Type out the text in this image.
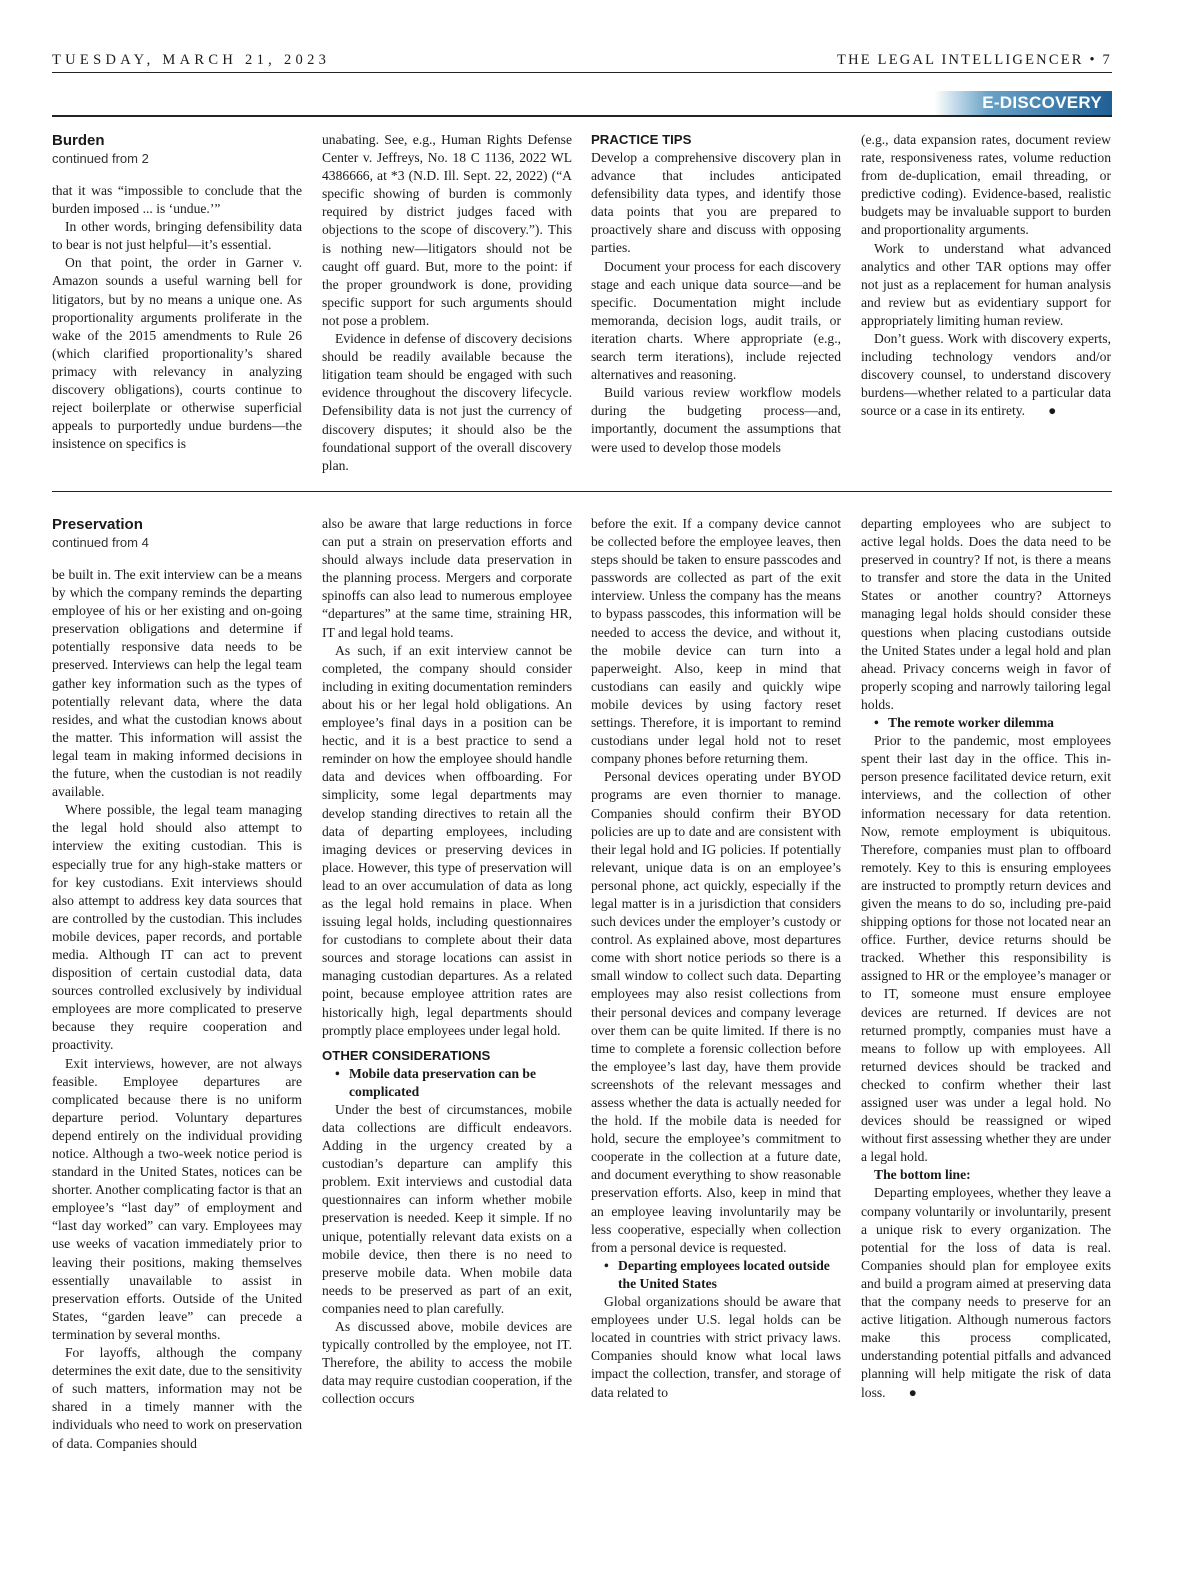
TUESDAY, MARCH 21, 2023	THE LEGAL INTELLIGENCER • 7
E-DISCOVERY
Burden
continued from 2

that it was “impossible to conclude that the burden imposed ... is ‘undue.’”

In other words, bringing defensibility data to bear is not just helpful—it’s essential.

On that point, the order in Garner v. Amazon sounds a useful warning bell for litigators, but by no means a unique one. As proportionality arguments proliferate in the wake of the 2015 amendments to Rule 26 (which clarified proportionality’s shared primacy with relevancy in analyzing discovery obligations), courts continue to reject boilerplate or otherwise superficial appeals to purportedly undue burdens—the insistence on specifics is

unabating. See, e.g., Human Rights Defense Center v. Jeffreys, No. 18 C 1136, 2022 WL 4386666, at *3 (N.D. Ill. Sept. 22, 2022) (“A specific showing of burden is commonly required by district judges faced with objections to the scope of discovery.”). This is nothing new—litigators should not be caught off guard. But, more to the point: if the proper groundwork is done, providing specific support for such arguments should not pose a problem.

Evidence in defense of discovery decisions should be readily available because the litigation team should be engaged with such evidence throughout the discovery lifecycle. Defensibility data is not just the currency of discovery disputes; it should also be the foundational support of the overall discovery plan.

PRACTICE TIPS

Develop a comprehensive discovery plan in advance that includes anticipated defensibility data types, and identify those data points that you are prepared to proactively share and discuss with opposing parties.

Document your process for each discovery stage and each unique data source—and be specific. Documentation might include memoranda, decision logs, audit trails, or iteration charts. Where appropriate (e.g., search term iterations), include rejected alternatives and reasoning.

Build various review workflow models during the budgeting process—and, importantly, document the assumptions that were used to develop those models

(e.g., data expansion rates, document review rate, responsiveness rates, volume reduction from de-duplication, email threading, or predictive coding). Evidence-based, realistic budgets may be invaluable support to burden and proportionality arguments.

Work to understand what advanced analytics and other TAR options may offer not just as a replacement for human analysis and review but as evidentiary support for appropriately limiting human review.

Don’t guess. Work with discovery experts, including technology vendors and/or discovery counsel, to understand discovery burdens—whether related to a particular data source or a case in its entirety. ●

Preservation
continued from 4

be built in. The exit interview can be a means by which the company reminds the departing employee of his or her existing and on-going preservation obligations and determine if potentially responsive data needs to be preserved. Interviews can help the legal team gather key information such as the types of potentially relevant data, where the data resides, and what the custodian knows about the matter. This information will assist the legal team in making informed decisions in the future, when the custodian is not readily available.

Where possible, the legal team managing the legal hold should also attempt to interview the exiting custodian. This is especially true for any high-stake matters or for key custodians. Exit interviews should also attempt to address key data sources that are controlled by the custodian. This includes mobile devices, paper records, and portable media. Although IT can act to prevent disposition of certain custodial data, data sources controlled exclusively by individual employees are more complicated to preserve because they require cooperation and proactivity.

Exit interviews, however, are not always feasible. Employee departures are complicated because there is no uniform departure period. Voluntary departures depend entirely on the individual providing notice. Although a two-week notice period is standard in the United States, notices can be shorter. Another complicating factor is that an employee’s “last day” of employment and “last day worked” can vary. Employees may use weeks of vacation immediately prior to leaving their positions, making themselves essentially unavailable to assist in preservation efforts. Outside of the United States, “garden leave” can precede a termination by several months.

For layoffs, although the company determines the exit date, due to the sensitivity of such matters, information may not be shared in a timely manner with the individuals who need to work on preservation of data. Companies should

also be aware that large reductions in force can put a strain on preservation efforts and should always include data preservation in the planning process. Mergers and corporate spinoffs can also lead to numerous employee “departures” at the same time, straining HR, IT and legal hold teams.

As such, if an exit interview cannot be completed, the company should consider including in exiting documentation reminders about his or her legal hold obligations. An employee’s final days in a position can be hectic, and it is a best practice to send a reminder on how the employee should handle data and devices when offboarding. For simplicity, some legal departments may develop standing directives to retain all the data of departing employees, including imaging devices or preserving devices in place. However, this type of preservation will lead to an over accumulation of data as long as the legal hold remains in place. When issuing legal holds, including questionnaires for custodians to complete about their data sources and storage locations can assist in managing custodian departures. As a related point, because employee attrition rates are historically high, legal departments should promptly place employees under legal hold.

OTHER CONSIDERATIONS

• Mobile data preservation can be complicated

Under the best of circumstances, mobile data collections are difficult endeavors. Adding in the urgency created by a custodian’s departure can amplify this problem. Exit interviews and custodial data questionnaires can inform whether mobile preservation is needed. Keep it simple. If no unique, potentially relevant data exists on a mobile device, then there is no need to preserve mobile data. When mobile data needs to be preserved as part of an exit, companies need to plan carefully.

As discussed above, mobile devices are typically controlled by the employee, not IT. Therefore, the ability to access the mobile data may require custodian cooperation, if the collection occurs

before the exit. If a company device cannot be collected before the employee leaves, then steps should be taken to ensure passcodes and passwords are collected as part of the exit interview. Unless the company has the means to bypass passcodes, this information will be needed to access the device, and without it, the mobile device can turn into a paperweight. Also, keep in mind that custodians can easily and quickly wipe mobile devices by using factory reset settings. Therefore, it is important to remind custodians under legal hold not to reset company phones before returning them.

Personal devices operating under BYOD programs are even thornier to manage. Companies should confirm their BYOD policies are up to date and are consistent with their legal hold and IG policies. If potentially relevant, unique data is on an employee’s personal phone, act quickly, especially if the legal matter is in a jurisdiction that considers such devices under the employer’s custody or control. As explained above, most departures come with short notice periods so there is a small window to collect such data. Departing employees may also resist collections from their personal devices and company leverage over them can be quite limited. If there is no time to complete a forensic collection before the employee’s last day, have them provide screenshots of the relevant messages and assess whether the data is actually needed for the hold. If the mobile data is needed for hold, secure the employee’s commitment to cooperate in the collection at a future date, and document everything to show reasonable preservation efforts. Also, keep in mind that an employee leaving involuntarily may be less cooperative, especially when collection from a personal device is requested.

• Departing employees located outside the United States

Global organizations should be aware that employees under U.S. legal holds can be located in countries with strict privacy laws. Companies should know what local laws impact the collection, transfer, and storage of data related to

departing employees who are subject to active legal holds. Does the data need to be preserved in country? If not, is there a means to transfer and store the data in the United States or another country? Attorneys managing legal holds should consider these questions when placing custodians outside the United States under a legal hold and plan ahead. Privacy concerns weigh in favor of properly scoping and narrowly tailoring legal holds.

• The remote worker dilemma

Prior to the pandemic, most employees spent their last day in the office. This in-person presence facilitated device return, exit interviews, and the collection of other information necessary for data retention. Now, remote employment is ubiquitous. Therefore, companies must plan to offboard remotely. Key to this is ensuring employees are instructed to promptly return devices and given the means to do so, including pre-paid shipping options for those not located near an office. Further, device returns should be tracked. Whether this responsibility is assigned to HR or the employee’s manager or to IT, someone must ensure employee devices are returned. If devices are not returned promptly, companies must have a means to follow up with employees. All returned devices should be tracked and checked to confirm whether their last assigned user was under a legal hold. No devices should be reassigned or wiped without first assessing whether they are under a legal hold.

The bottom line:

Departing employees, whether they leave a company voluntarily or involuntarily, present a unique risk to every organization. The potential for the loss of data is real. Companies should plan for employee exits and build a program aimed at preserving data that the company needs to preserve for an active litigation. Although numerous factors make this process complicated, understanding potential pitfalls and advanced planning will help mitigate the risk of data loss. ●
